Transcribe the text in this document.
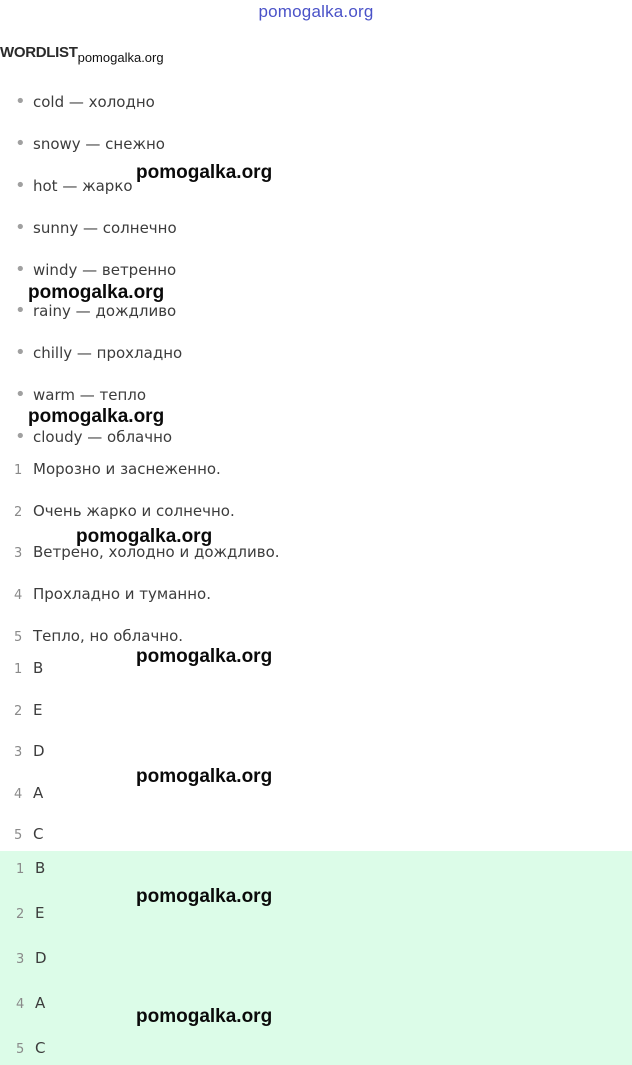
pomogalka.org
$WORDLIST_{pomogalka.org}$
• cold — холодно
• snowy — снежно
• hot — жарко
• sunny — солнечно
• windy — ветренно
• rainy — дождливо
• chilly — прохладно
• warm — тепло
• cloudy — облачно
1 Морозно и заснеженно.
2 Очень жарко и солнечно.
3 Ветрено, холодно и дождливо.
4 Прохладно и туманно.
5 Тепло, но облачно.
1 B
2 E
3 D
4 A
5 C
1 B
2 E
3 D
4 A
5 C
pomogalka.org
pomogalka.org
pomogalka.org
pomogalka.org
pomogalka.org
pomogalka.org
pomogalka.org
pomogalka.org
